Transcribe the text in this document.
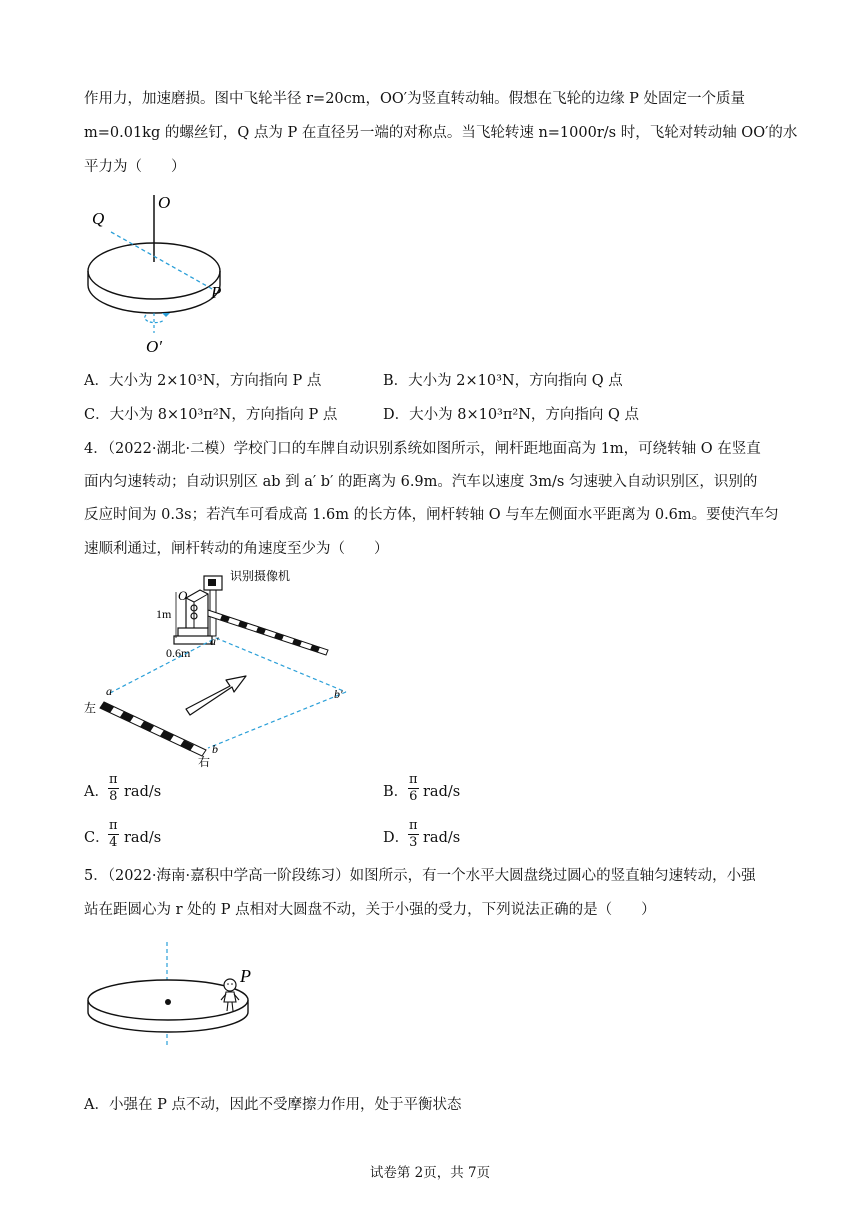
作用力，加速磨损。图中飞轮半径 r=20cm，OO′为竖直转动轴。假想在飞轮的边缘 P 处固定一个质量
m=0.01kg 的螺丝钉，Q 点为 P 在直径另一端的对称点。当飞轮转速 n=1000r/s 时，飞轮对转动轴 OO′的水
平力为（　　）
O
Q
P
O′
A．大小为 2×10³N，方向指向 P 点	B．大小为 2×10³N，方向指向 Q 点
C．大小为 8×10³π²N，方向指向 P 点	D．大小为 8×10³π²N，方向指向 Q 点
4．（2022·湖北·二模）学校门口的车牌自动识别系统如图所示，闸杆距地面高为 1m，可绕转轴 O 在竖直
面内匀速转动；自动识别区 ab 到 a′ b′ 的距离为 6.9m。汽车以速度 3m/s 匀速驶入自动识别区，识别的
反应时间为 0.3s；若汽车可看成高 1.6m 的长方体，闸杆转轴 O 与车左侧面水平距离为 0.6m。要使汽车匀
速顺利通过，闸杆转动的角速度至少为（　　）
识别摄像机
O
1m
0.6m
a′
a	b′
b
左
右
A． $\frac{\pi}{8} rad/s$	B． $\frac{\pi}{6} rad/s$
C．
$\frac{\pi}{4} rad/s$	D．
$\frac{\pi}{3} rad/s$
5．（2022·海南·嘉积中学高一阶段练习）如图所示，有一个水平大圆盘绕过圆心的竖直轴匀速转动，小强
站在距圆心为 r 处的 P 点相对大圆盘不动，关于小强的受力，下列说法正确的是（　　）
P
A．小强在 P 点不动，因此不受摩擦力作用，处于平衡状态
试卷第 2页，共 7页
